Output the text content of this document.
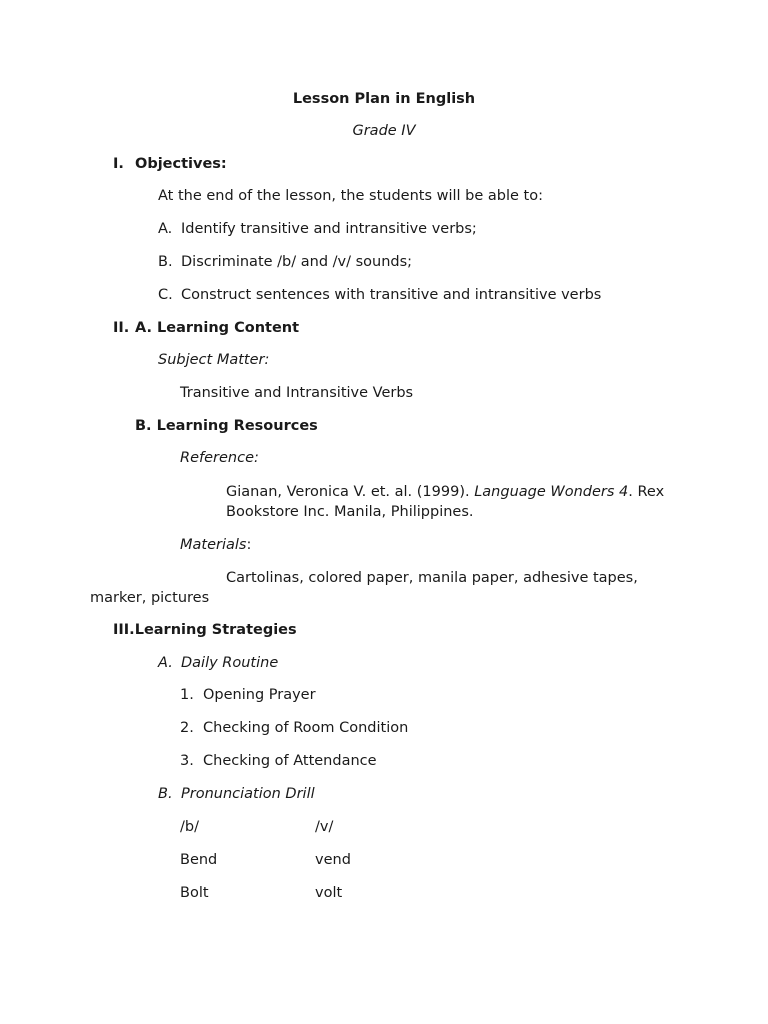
Lesson Plan in English
Grade IV
I. Objectives:
At the end of the lesson, the students will be able to:
A. Identify transitive and intransitive verbs;
B. Discriminate /b/ and /v/ sounds;
C. Construct sentences with transitive and intransitive verbs
II. A. Learning Content
Subject Matter:
Transitive and Intransitive Verbs
B. Learning Resources
Reference:
Gianan, Veronica V. et. al. (1999). Language Wonders 4. Rex
Bookstore Inc. Manila, Philippines.
Materials:
Cartolinas, colored paper, manila paper, adhesive tapes,
marker, pictures
III.Learning Strategies
A. Daily Routine
1. Opening Prayer
2. Checking of Room Condition
3. Checking of Attendance
B. Pronunciation Drill
/b/	/v/
Bend	vend
Bolt	volt
